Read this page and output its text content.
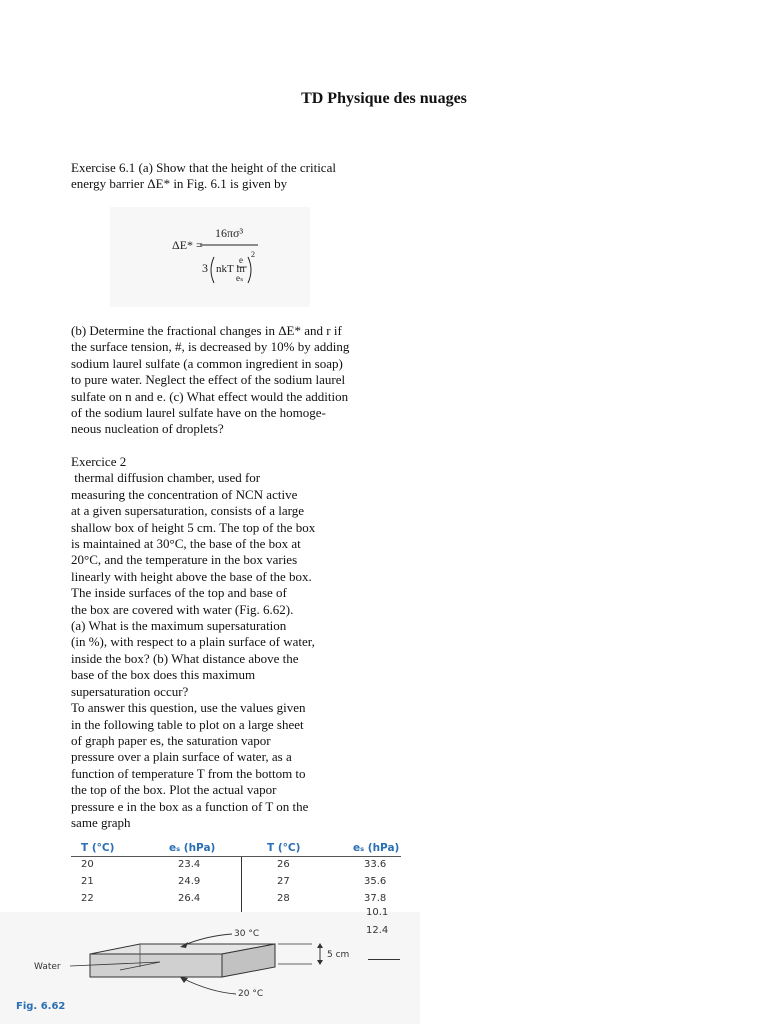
TD Physique des nuages
Exercise 6.1 (a) Show that the height of the critical
energy barrier ΔE* in Fig. 6.1 is given by
ΔE* =
16πσ³
3 nkT ln
e
eₛ
2
(b) Determine the fractional changes in ΔE* and r if
the surface tension, #, is decreased by 10% by adding
sodium laurel sulfate (a common ingredient in soap)
to pure water. Neglect the effect of the sodium laurel
sulfate on n and e. (c) What effect would the addition
of the sodium laurel sulfate have on the homoge-
neous nucleation of droplets?
Exercice 2
thermal diffusion chamber, used for
measuring the concentration of NCN active
at a given supersaturation, consists of a large
shallow box of height 5 cm. The top of the box
is maintained at 30°C, the base of the box at
20°C, and the temperature in the box varies
linearly with height above the base of the box.
The inside surfaces of the top and base of
the box are covered with water (Fig. 6.62).
(a) What is the maximum supersaturation
(in %), with respect to a plain surface of water,
inside the box? (b) What distance above the
base of the box does this maximum
supersaturation occur?
To answer this question, use the values given
in the following table to plot on a large sheet
of graph paper es, the saturation vapor
pressure over a plain surface of water, as a
function of temperature T from the bottom to
the top of the box. Plot the actual vapor
pressure e in the box as a function of T on the
same graph
T (°C)	eₛ (hPa)	T (°C)	eₛ (hPa)
20	23.4	26	33.6
21	24.9	27	35.6
22	26.4	28	37.8
Water
30 °C
20 °C
5 cm
10.1
12.4
Fig. 6.62
